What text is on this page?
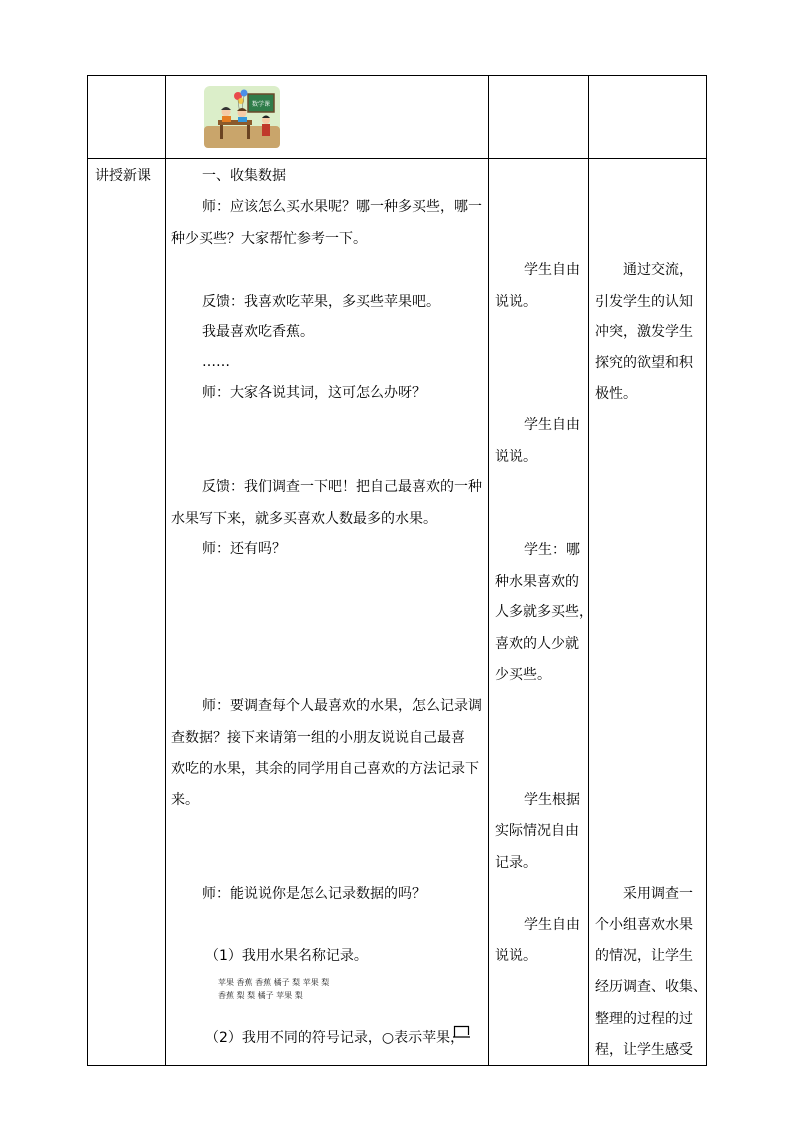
数学课
讲授新课	一、收集数据
师：应该怎么买水果呢？哪一种多买些，哪一
种少买些？大家帮忙参考一下。
反馈：我喜欢吃苹果，多买些苹果吧。
我最喜欢吃香蕉。
……
师：大家各说其词，这可怎么办呀？
反馈：我们调查一下吧！把自己最喜欢的一种
水果写下来，就多买喜欢人数最多的水果。
师：还有吗？
师：要调查每个人最喜欢的水果，怎么记录调
查数据？接下来请第一组的小朋友说说自己最喜
欢吃的水果，其余的同学用自己喜欢的方法记录下
来。
师：能说说你是怎么记录数据的吗？
（1）我用水果名称记录。
苹果 香蕉 香蕉 橘子 梨 苹果 梨
香蕉 梨 梨 橘子 苹果 梨
（2）我用不同的符号记录，○表示苹果，
学生自由
说说。
学生自由
说说。
学生：哪
种水果喜欢的
人多就多买些，
喜欢的人少就
少买些。
学生根据
实际情况自由
记录。
学生自由
说说。
通过交流，
引发学生的认知
冲突，激发学生
探究的欲望和积
极性。
采用调查一
个小组喜欢水果
的情况，让学生
经历调查、收集、
整理的过程的过
程，让学生感受
